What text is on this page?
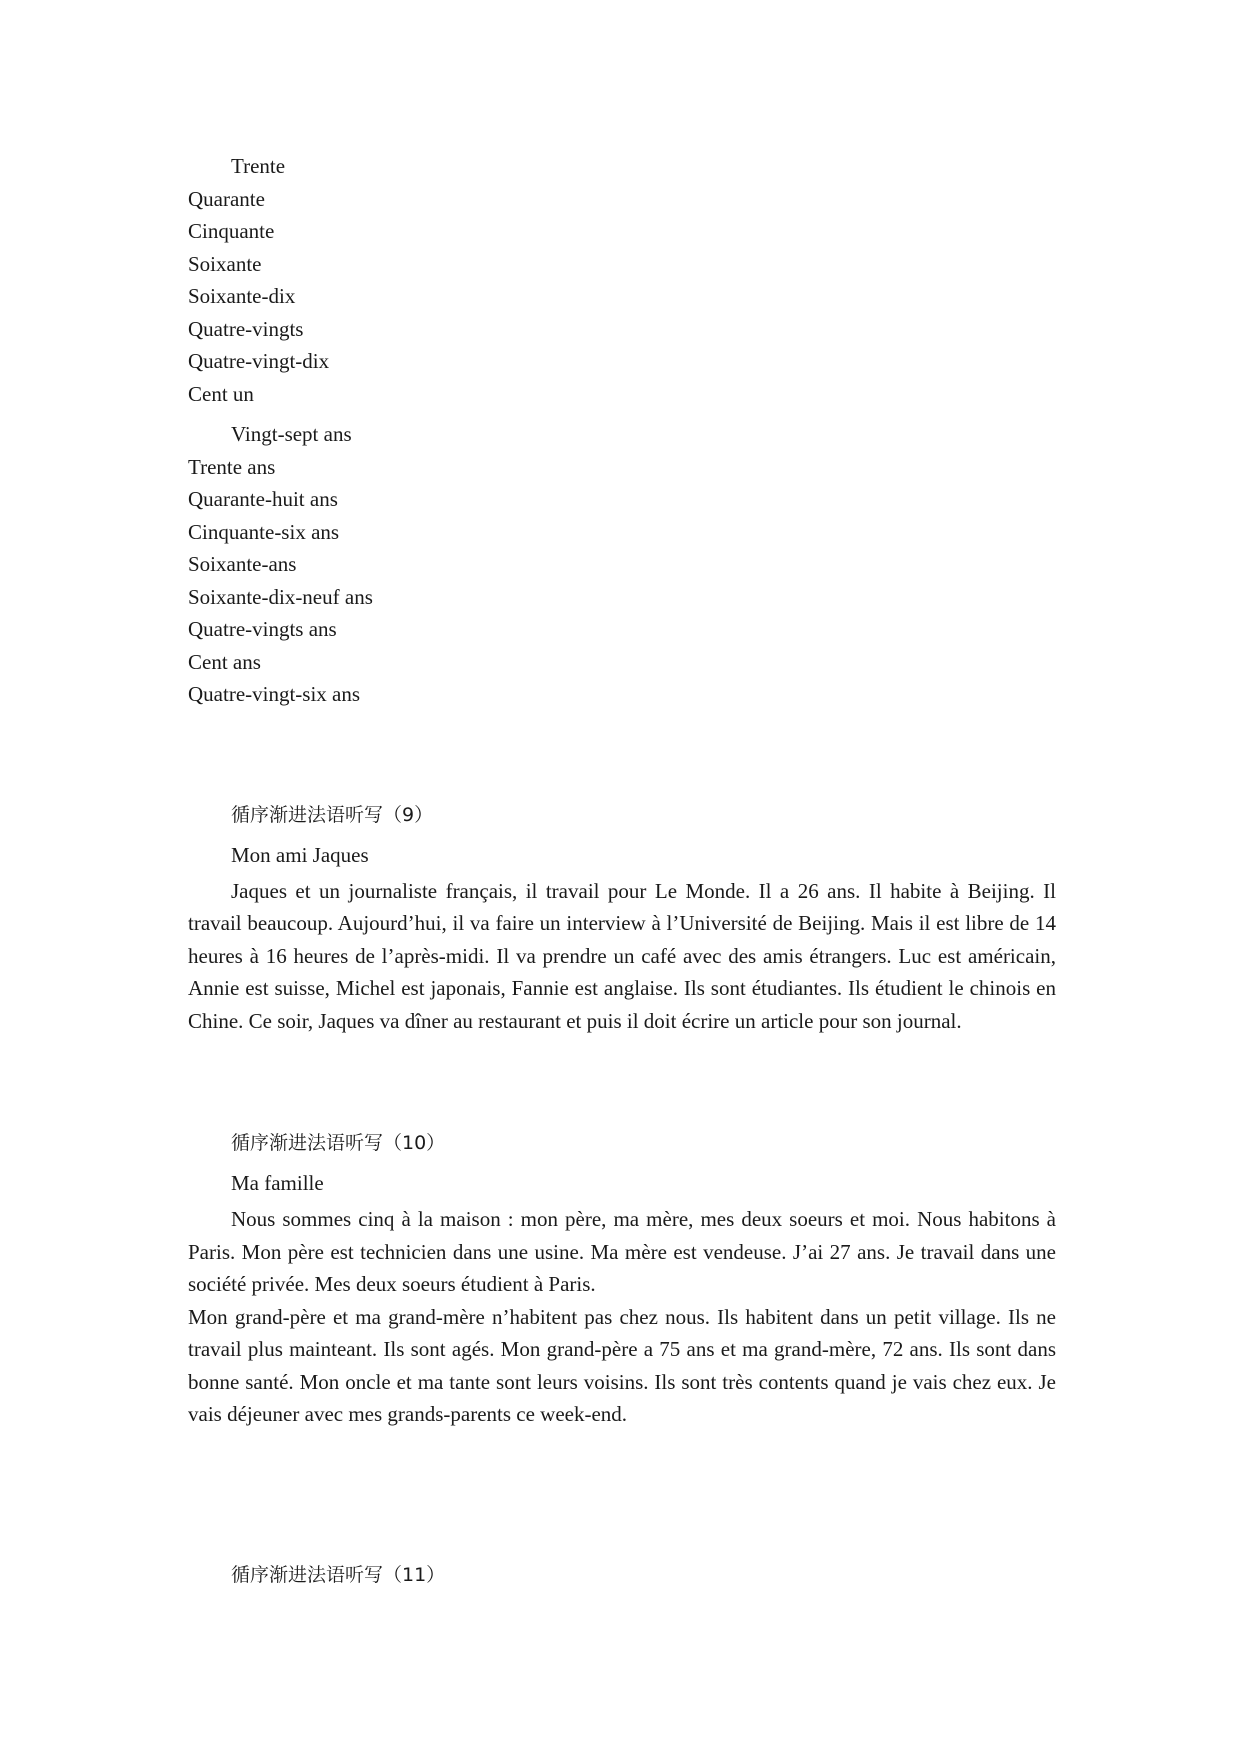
Trente
Quarante
Cinquante
Soixante
Soixante-dix
Quatre-vingts
Quatre-vingt-dix
Cent un
Vingt-sept ans
Trente ans
Quarante-huit ans
Cinquante-six ans
Soixante-ans
Soixante-dix-neuf ans
Quatre-vingts ans
Cent ans
Quatre-vingt-six ans
循序渐进法语听写（9）
Mon ami Jaques

Jaques et un journaliste français, il travail pour Le Monde. Il a 26 ans. Il habite à Beijing. Il travail beaucoup. Aujourd’hui, il va faire un interview à l’Université de Beijing. Mais il est libre de 14 heures à 16 heures de l’après-midi. Il va prendre un café avec des amis étrangers. Luc est américain, Annie est suisse, Michel est japonais, Fannie est anglaise. Ils sont étudiantes. Ils étudient le chinois en Chine. Ce soir, Jaques va dîner au restaurant et puis il doit écrire un article pour son journal.

循序渐进法语听写（10）
Ma famille

Nous sommes cinq à la maison : mon père, ma mère, mes deux soeurs et moi. Nous habitons à Paris. Mon père est technicien dans une usine. Ma mère est vendeuse. J’ai 27 ans. Je travail dans une société privée. Mes deux soeurs étudient à Paris.

Mon grand-père et ma grand-mère n’habitent pas chez nous. Ils habitent dans un petit village. Ils ne travail plus mainteant. Ils sont agés. Mon grand-père a 75 ans et ma grand-mère, 72 ans. Ils sont dans bonne santé. Mon oncle et ma tante sont leurs voisins. Ils sont très contents quand je vais chez eux. Je vais déjeuner avec mes grands-parents ce week-end.

循序渐进法语听写（11）
